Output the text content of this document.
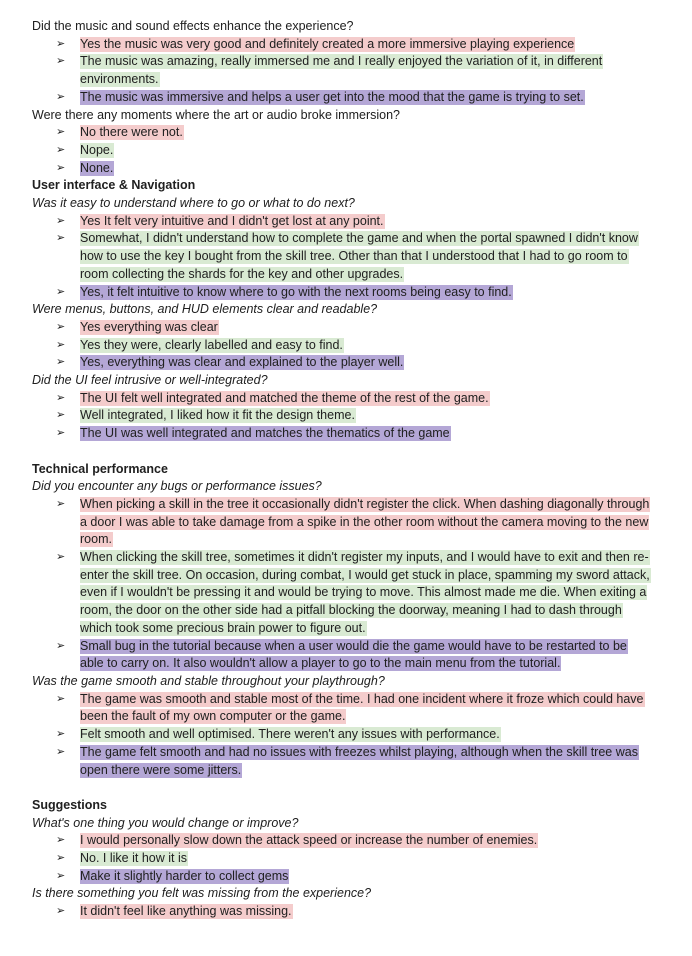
Did the music and sound effects enhance the experience?
➢	Yes the music was very good and definitely created a more immersive playing experience
➢	The music was amazing, really immersed me and I really enjoyed the variation of it, in different environments.
➢	The music was immersive and helps a user get into the mood that the game is trying to set.
Were there any moments where the art or audio broke immersion?
➢	No there were not.
➢	Nope.
➢	None.
User interface & Navigation
Was it easy to understand where to go or what to do next?
➢	Yes It felt very intuitive and I didn't get lost at any point.
➢	Somewhat, I didn't understand how to complete the game and when the portal spawned I didn't know how to use the key I bought from the skill tree. Other than that I understood that I had to go room to room collecting the shards for the key and other upgrades.
➢	Yes, it felt intuitive to know where to go with the next rooms being easy to find.
Were menus, buttons, and HUD elements clear and readable?
➢	Yes everything was clear
➢	Yes they were, clearly labelled and easy to find.
➢	Yes, everything was clear and explained to the player well.
Did the UI feel intrusive or well-integrated?
➢	The UI felt well integrated and matched the theme of the rest of the game.
➢	Well integrated, I liked how it fit the design theme.
➢	The UI was well integrated and matches the thematics of the game
Technical performance
Did you encounter any bugs or performance issues?
➢	When picking a skill in the tree it occasionally didn't register the click. When dashing diagonally through a door I was able to take damage from a spike in the other room without the camera moving to the new room.
➢	When clicking the skill tree, sometimes it didn't register my inputs, and I would have to exit and then re-enter the skill tree. On occasion, during combat, I would get stuck in place, spamming my sword attack, even if I wouldn't be pressing it and would be trying to move. This almost made me die. When exiting a room, the door on the other side had a pitfall blocking the doorway, meaning I had to dash through which took some precious brain power to figure out.
➢	Small bug in the tutorial because when a user would die the game would have to be restarted to be able to carry on. It also wouldn't allow a player to go to the main menu from the tutorial.
Was the game smooth and stable throughout your playthrough?
➢	The game was smooth and stable most of the time. I had one incident where it froze which could have been the fault of my own computer or the game.
➢	Felt smooth and well optimised. There weren't any issues with performance.
➢	The game felt smooth and had no issues with freezes whilst playing, although when the skill tree was open there were some jitters.
Suggestions
What's one thing you would change or improve?
➢	I would personally slow down the attack speed or increase the number of enemies.
➢	No. I like it how it is
➢	Make it slightly harder to collect gems
Is there something you felt was missing from the experience?
➢	It didn't feel like anything was missing.
